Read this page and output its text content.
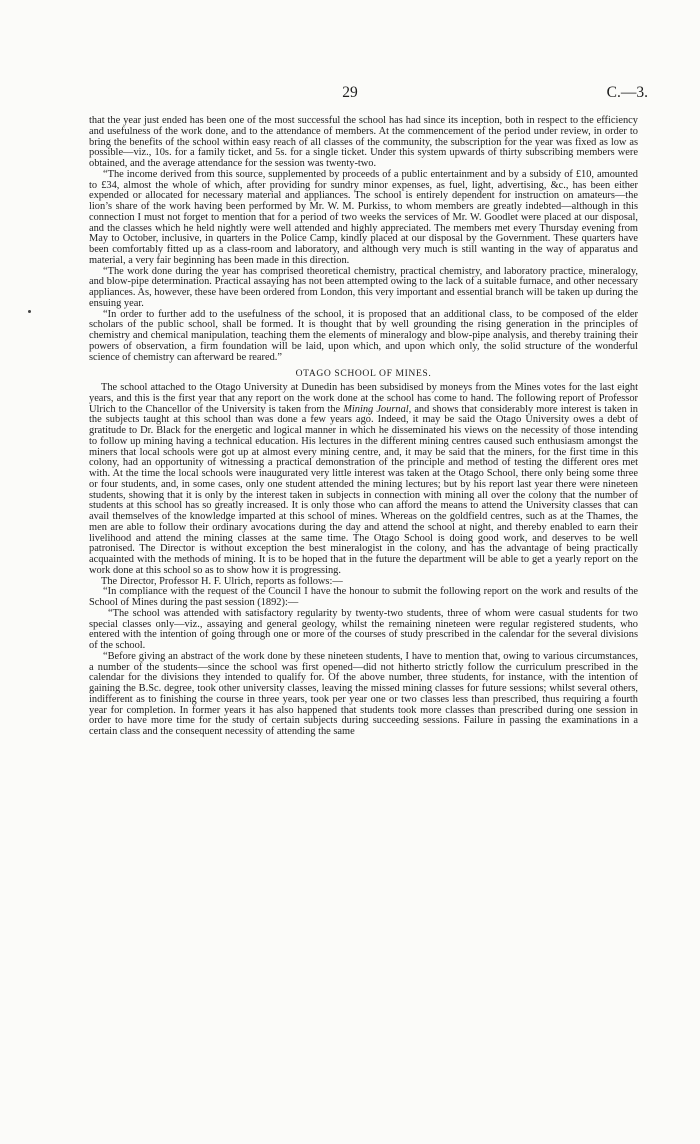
29	C.—3.

that the year just ended has been one of the most successful the school has had since its inception, both in respect to the efficiency and usefulness of the work done, and to the attendance of members. At the commencement of the period under review, in order to bring the benefits of the school within easy reach of all classes of the community, the subscription for the year was fixed as low as possible—viz., 10s. for a family ticket, and 5s. for a single ticket. Under this system upwards of thirty subscribing members were obtained, and the average attendance for the session was twenty-two.

“The income derived from this source, supplemented by proceeds of a public entertainment and by a subsidy of £10, amounted to £34, almost the whole of which, after providing for sundry minor expenses, as fuel, light, advertising, &c., has been either expended or allocated for necessary material and appliances. The school is entirely dependent for instruction on amateurs—the lion’s share of the work having been performed by Mr. W. M. Purkiss, to whom members are greatly indebted—although in this connection I must not forget to mention that for a period of two weeks the services of Mr. W. Goodlet were placed at our disposal, and the classes which he held nightly were well attended and highly appreciated. The members met every Thursday evening from May to October, inclusive, in quarters in the Police Camp, kindly placed at our disposal by the Government. These quarters have been comfortably fitted up as a class-room and laboratory, and although very much is still wanting in the way of apparatus and material, a very fair beginning has been made in this direction.

“The work done during the year has comprised theoretical chemistry, practical chemistry, and laboratory practice, mineralogy, and blow-pipe determination. Practical assaying has not been attempted owing to the lack of a suitable furnace, and other necessary appliances. As, however, these have been ordered from London, this very important and essential branch will be taken up during the ensuing year.

“In order to further add to the usefulness of the school, it is proposed that an additional class, to be composed of the elder scholars of the public school, shall be formed. It is thought that by well grounding the rising generation in the principles of chemistry and chemical manipulation, teaching them the elements of mineralogy and blow-pipe analysis, and thereby training their powers of observation, a firm foundation will be laid, upon which, and upon which only, the solid structure of the wonderful science of chemistry can afterward be reared.”

OTAGO SCHOOL OF MINES.

The school attached to the Otago University at Dunedin has been subsidised by moneys from the Mines votes for the last eight years, and this is the first year that any report on the work done at the school has come to hand. The following report of Professor Ulrich to the Chancellor of the University is taken from the Mining Journal, and shows that considerably more interest is taken in the subjects taught at this school than was done a few years ago. Indeed, it may be said the Otago University owes a debt of gratitude to Dr. Black for the energetic and logical manner in which he disseminated his views on the necessity of those intending to follow up mining having a technical education. His lectures in the different mining centres caused such enthusiasm amongst the miners that local schools were got up at almost every mining centre, and, it may be said that the miners, for the first time in this colony, had an opportunity of witnessing a practical demonstration of the principle and method of testing the different ores met with. At the time the local schools were inaugurated very little interest was taken at the Otago School, there only being some three or four students, and, in some cases, only one student attended the mining lectures; but by his report last year there were nineteen students, showing that it is only by the interest taken in subjects in connection with mining all over the colony that the number of students at this school has so greatly increased. It is only those who can afford the means to attend the University classes that can avail themselves of the knowledge imparted at this school of mines. Whereas on the goldfield centres, such as at the Thames, the men are able to follow their ordinary avocations during the day and attend the school at night, and thereby enabled to earn their livelihood and attend the mining classes at the same time. The Otago School is doing good work, and deserves to be well patronised. The Director is without exception the best mineralogist in the colony, and has the advantage of being practically acquainted with the methods of mining. It is to be hoped that in the future the department will be able to get a yearly report on the work done at this school so as to show how it is progressing.

The Director, Professor H. F. Ulrich, reports as follows:—

“In compliance with the request of the Council I have the honour to submit the following report on the work and results of the School of Mines during the past session (1892):—

“The school was attended with satisfactory regularity by twenty-two students, three of whom were casual students for two special classes only—viz., assaying and general geology, whilst the remaining nineteen were regular registered students, who entered with the intention of going through one or more of the courses of study prescribed in the calendar for the several divisions of the school.

“Before giving an abstract of the work done by these nineteen students, I have to mention that, owing to various circumstances, a number of the students—since the school was first opened—did not hitherto strictly follow the curriculum prescribed in the calendar for the divisions they intended to qualify for. Of the above number, three students, for instance, with the intention of gaining the B.Sc. degree, took other university classes, leaving the missed mining classes for future sessions; whilst several others, indifferent as to finishing the course in three years, took per year one or two classes less than prescribed, thus requiring a fourth year for completion. In former years it has also happened that students took more classes than prescribed during one session in order to have more time for the study of certain subjects during succeeding sessions. Failure in passing the examinations in a certain class and the consequent necessity of attending the same
